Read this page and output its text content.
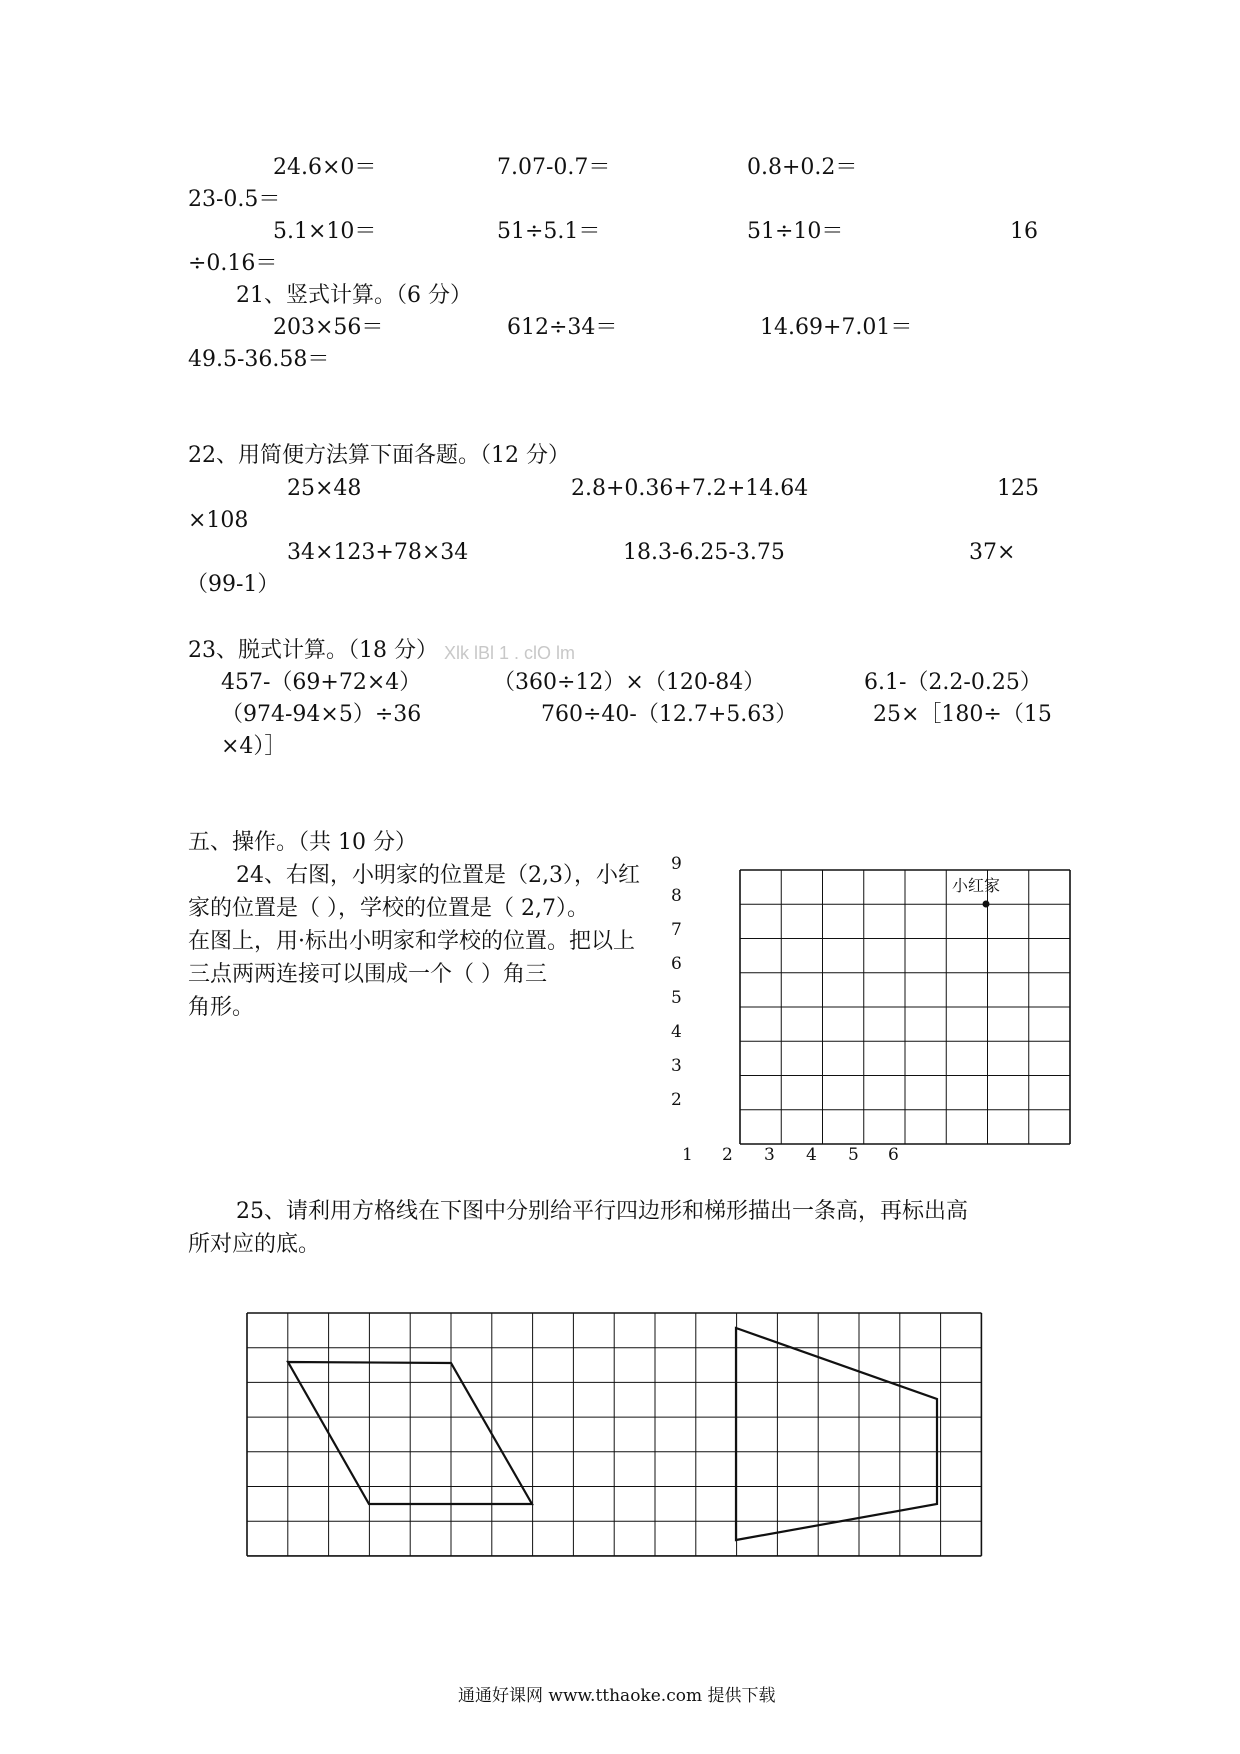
24.6×0＝	7.07-0.7＝	0.8+0.2＝
23-0.5＝
5.1×10＝	51÷5.1＝	51÷10＝	16
÷0.16＝
21、竖式计算。（6 分）
203×56＝	612÷34＝	14.69+7.01＝
49.5-36.58＝
22、用简便方法算下面各题。（12 分）
25×48	2.8+0.36+7.2+14.64	125
×108
34×123+78×34	18.3-6.25-3.75	37×
（99-1）
23、脱式计算。（18 分） Xlk lBl 1 . clO lm
457-（69+72×4）	（360÷12）×（120-84）	6.1-（2.2-0.25）
（974-94×5）÷36	760÷40-（12.7+5.63）	25×［180÷（15
×4）］
五、操作。（共 10 分）
24、右图，小明家的位置是（2,3），小红
家的位置是（ ），学校的位置是（ 2,7）。
在图上，用·标出小明家和学校的位置。把以上
三点两两连接可以围成一个（ ）角三
角形。
9
8
7
6
5
4
3
2
1 2 3 4 5 6
小红家
25、请利用方格线在下图中分别给平行四边形和梯形描出一条高，再标出高
所对应的底。
通通好课网 www.tthaoke.com 提供下载
